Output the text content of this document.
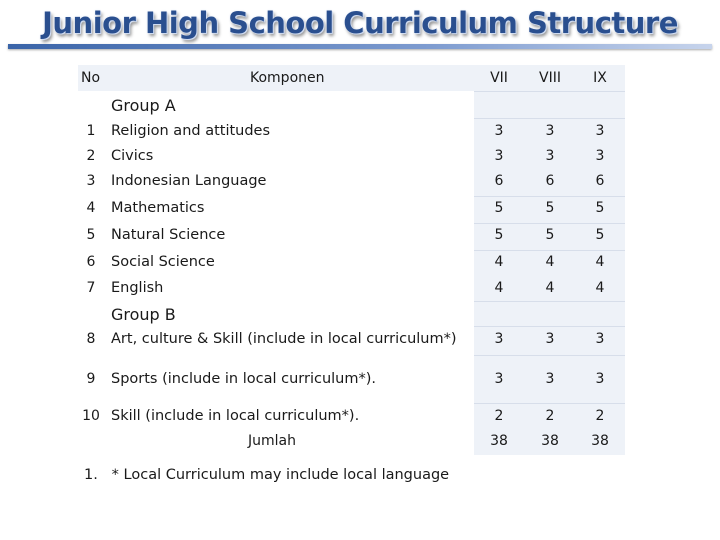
Junior High School Curriculum Structure
No	Komponen	VII	VIII	IX
Group A
1	Religion and attitudes	3	3	3
2	Civics	3	3	3
3	Indonesian Language	6	6	6
4	Mathematics	5	5	5
5	Natural Science	5	5	5
6	Social Science	4	4	4
7	English	4	4	4
Group B
8	Art, culture & Skill (include in local curriculum*)	3	3	3
9	Sports (include in local curriculum*).	3	3	3
10 Skill (include in local curriculum*).	2	2	2
Jumlah	38	38	38
1.   * Local Curriculum may include local language
